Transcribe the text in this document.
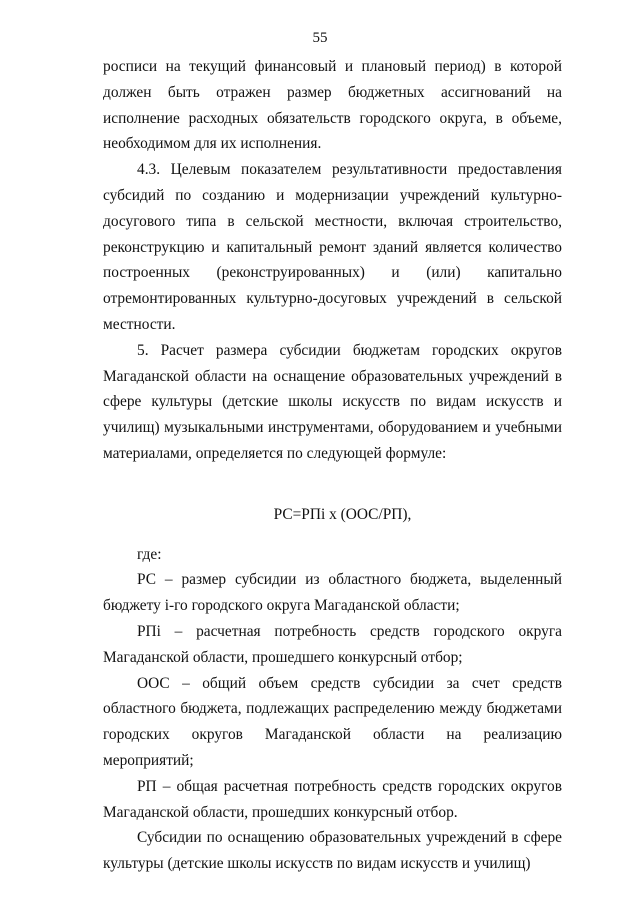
55

росписи на текущий финансовый и плановый период) в которой должен быть отражен размер бюджетных ассигнований на исполнение расходных обязательств городского округа, в объеме, необходимом для их исполнения.

4.3. Целевым показателем результативности предоставления субсидий по созданию и модернизации учреждений культурно-досугового типа в сельской местности, включая строительство, реконструкцию и капитальный ремонт зданий является количество построенных (реконструированных) и (или) капитально отремонтированных культурно-досуговых учреждений в сельской местности.

5. Расчет размера субсидии бюджетам городских округов Магаданской области на оснащение образовательных учреждений в сфере культуры (детские школы искусств по видам искусств и училищ) музыкальными инструментами, оборудованием и учебными материалами, определяется по следующей формуле:

РС=РПi х (ООС/РП),

где:

РС – размер субсидии из областного бюджета, выделенный бюджету i-го городского округа Магаданской области;

РПi – расчетная потребность средств городского округа Магаданской области, прошедшего конкурсный отбор;

ООС – общий объем средств субсидии за счет средств областного бюджета, подлежащих распределению между бюджетами городских округов Магаданской области на реализацию мероприятий;

РП – общая расчетная потребность средств городских округов Магаданской области, прошедших конкурсный отбор.

Субсидии по оснащению образовательных учреждений в сфере культуры (детские школы искусств по видам искусств и училищ)
